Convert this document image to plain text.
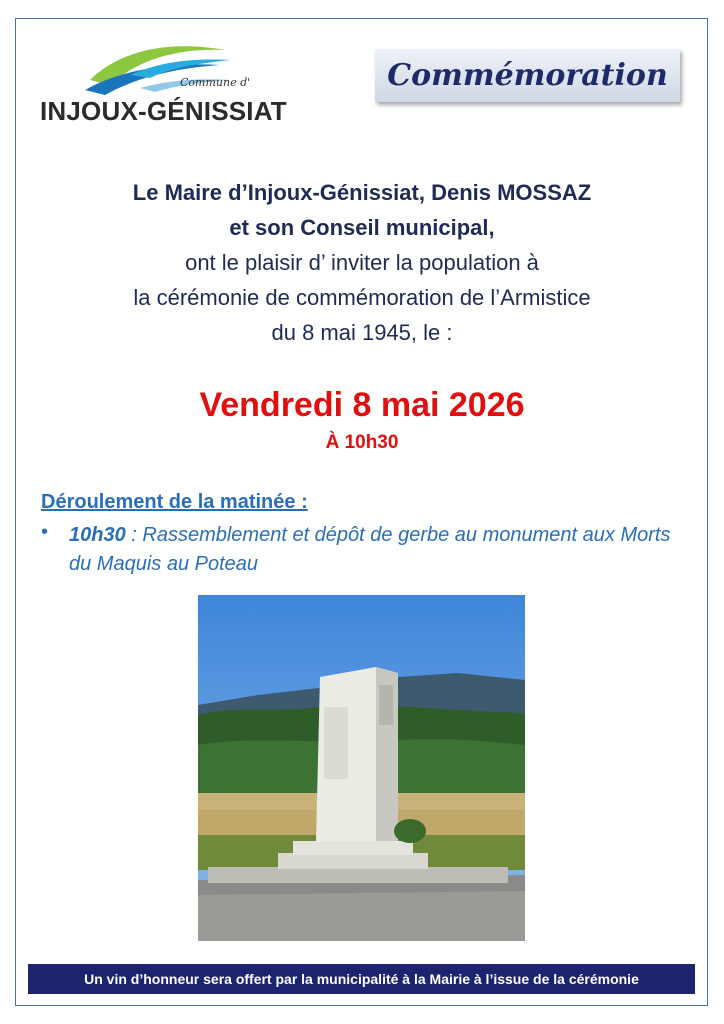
Commune d'
INJOUX-GÉNISSIAT
Commémoration
Le Maire d’Injoux-Génissiat, Denis MOSSAZ
et son Conseil municipal,
ont le plaisir d’ inviter la population à
la cérémonie de commémoration de l’Armistice
du 8 mai 1945, le :
Vendredi 8 mai 2026
À 10h30
Déroulement de la matinée :
• 10h30 : Rassemblement et dépôt de gerbe au monument aux Morts du Maquis au Poteau
Un vin d’honneur sera offert par la municipalité à la Mairie à l’issue de la cérémonie
